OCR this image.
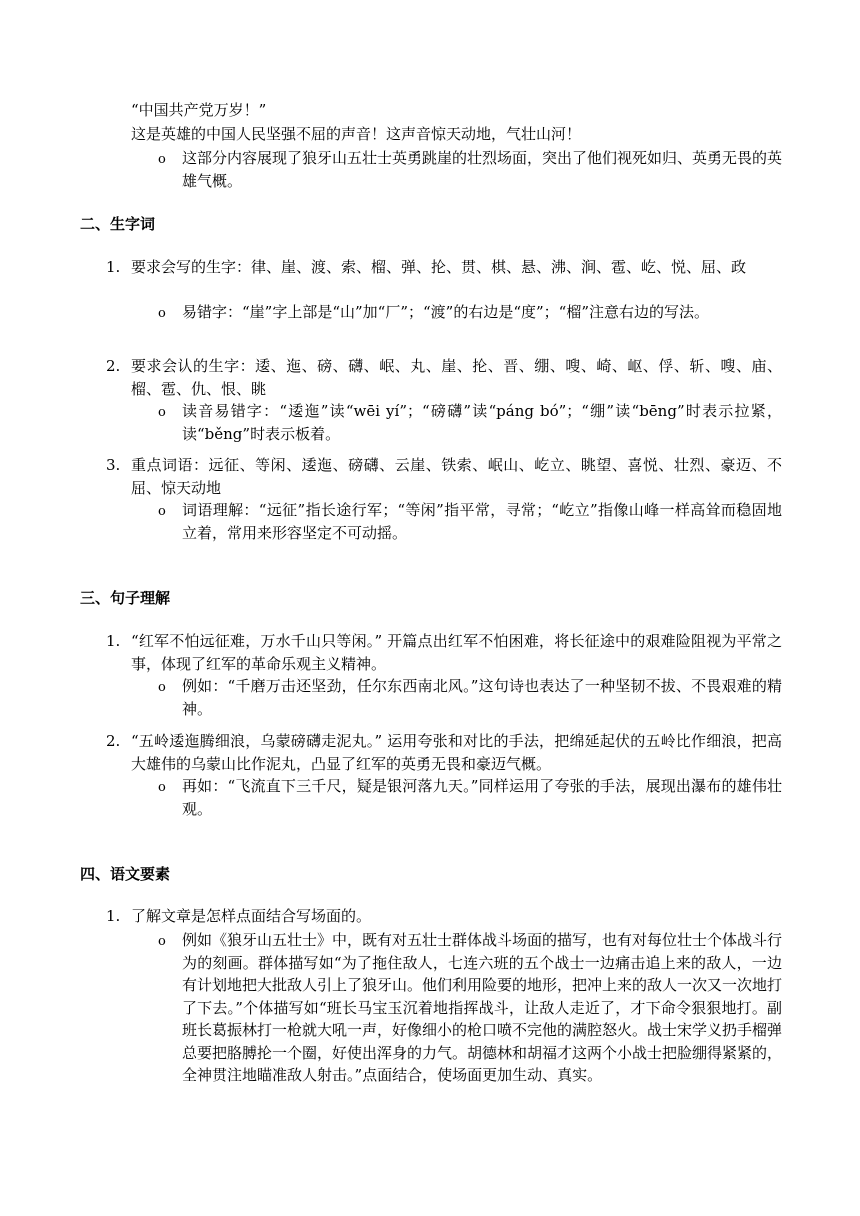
“中国共产党万岁！”
这是英雄的中国人民坚强不屈的声音！这声音惊天动地，气壮山河！
o 这部分内容展现了狼牙山五壮士英勇跳崖的壮烈场面，突出了他们视死如归、英勇无畏的英雄气概。
二、生字词
1. 要求会写的生字：律、崖、渡、索、榴、弹、抡、贯、棋、悬、沸、涧、雹、屹、悦、屈、政
o 易错字：“崖”字上部是“山”加“厂”；“渡”的右边是“度”；“榴”注意右边的写法。
2. 要求会认的生字：逶、迤、磅、礴、岷、丸、崖、抡、晋、绷、嗖、崎、岖、俘、斩、嗖、庙、榴、雹、仇、恨、眺
o 读音易错字：“逶迤”读“wēi yí”；“磅礴”读“páng bó”；“绷”读“bēng”时表示拉紧，读“běng”时表示板着。
3. 重点词语：远征、等闲、逶迤、磅礴、云崖、铁索、岷山、屹立、眺望、喜悦、壮烈、豪迈、不屈、惊天动地
o 词语理解：“远征”指长途行军；“等闲”指平常，寻常；“屹立”指像山峰一样高耸而稳固地立着，常用来形容坚定不可动摇。
三、句子理解
1. “红军不怕远征难，万水千山只等闲。” 开篇点出红军不怕困难，将长征途中的艰难险阻视为平常之事，体现了红军的革命乐观主义精神。
o 例如：“千磨万击还坚劲，任尔东西南北风。”这句诗也表达了一种坚韧不拔、不畏艰难的精神。
2. “五岭逶迤腾细浪，乌蒙磅礴走泥丸。” 运用夸张和对比的手法，把绵延起伏的五岭比作细浪，把高大雄伟的乌蒙山比作泥丸，凸显了红军的英勇无畏和豪迈气概。
o 再如：“飞流直下三千尺，疑是银河落九天。”同样运用了夸张的手法，展现出瀑布的雄伟壮观。
四、语文要素
1. 了解文章是怎样点面结合写场面的。
o 例如《狼牙山五壮士》中，既有对五壮士群体战斗场面的描写，也有对每位壮士个体战斗行为的刻画。群体描写如“为了拖住敌人，七连六班的五个战士一边痛击追上来的敌人，一边有计划地把大批敌人引上了狼牙山。他们利用险要的地形，把冲上来的敌人一次又一次地打了下去。”个体描写如“班长马宝玉沉着地指挥战斗，让敌人走近了，才下命令狠狠地打。副班长葛振林打一枪就大吼一声，好像细小的枪口喷不完他的满腔怒火。战士宋学义扔手榴弹总要把胳膊抡一个圈，好使出浑身的力气。胡德林和胡福才这两个小战士把脸绷得紧紧的，全神贯注地瞄准敌人射击。”点面结合，使场面更加生动、真实。
